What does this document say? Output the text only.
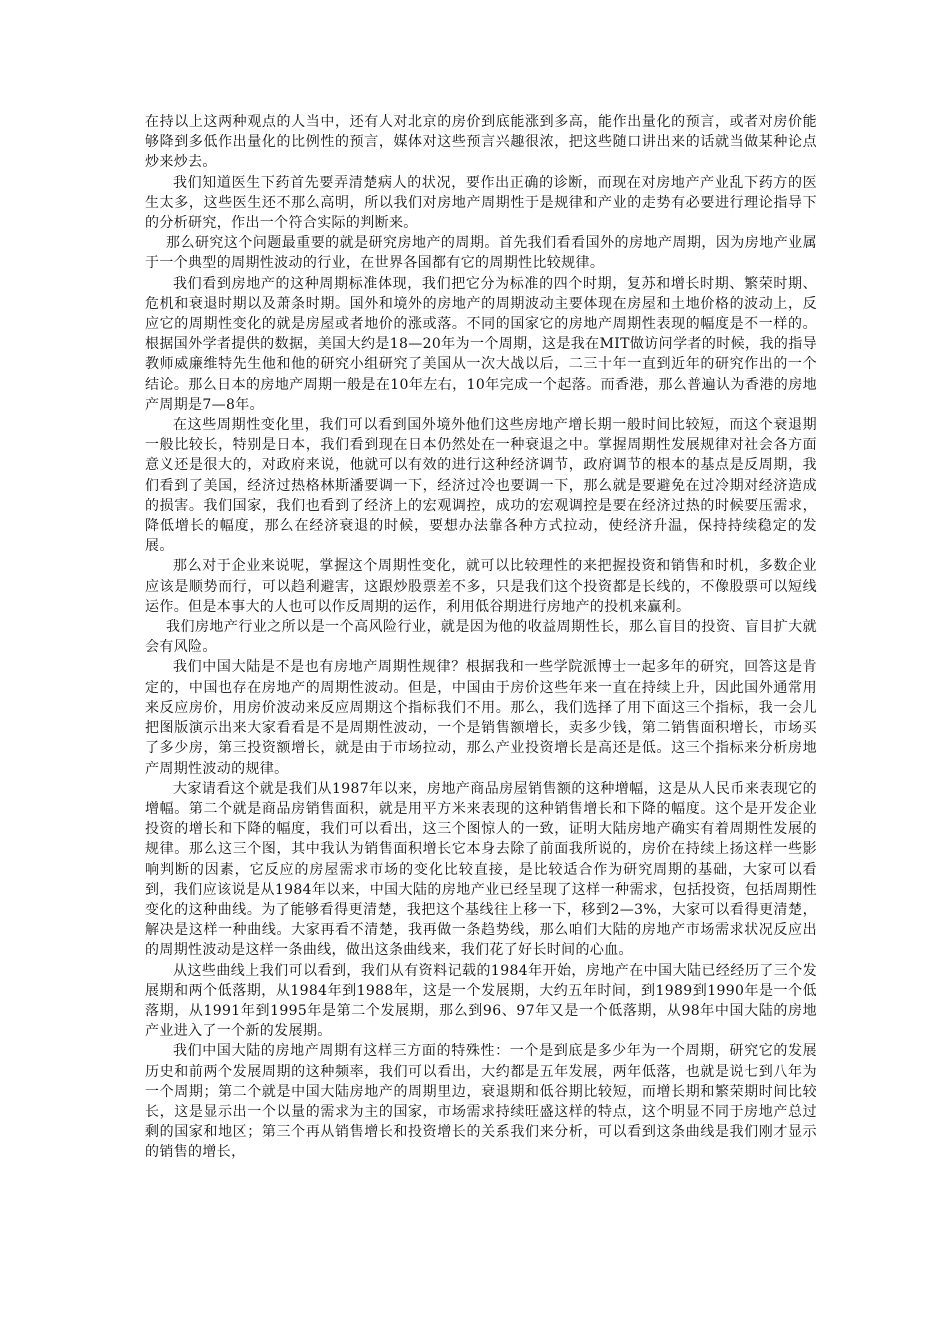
在持以上这两种观点的人当中，还有人对北京的房价到底能涨到多高，能作出量化的预言，或者对房价能够降到多低作出量化的比例性的预言，媒体对这些预言兴趣很浓，把这些随口讲出来的话就当做某种论点炒来炒去。

我们知道医生下药首先要弄清楚病人的状况，要作出正确的诊断，而现在对房地产产业乱下药方的医生太多，这些医生还不那么高明，所以我们对房地产周期性于是规律和产业的走势有必要进行理论指导下的分析研究，作出一个符合实际的判断来。

那么研究这个问题最重要的就是研究房地产的周期。首先我们看看国外的房地产周期，因为房地产业属于一个典型的周期性波动的行业，在世界各国都有它的周期性比较规律。

我们看到房地产的这种周期标准体现，我们把它分为标准的四个时期，复苏和增长时期、繁荣时期、危机和衰退时期以及萧条时期。国外和境外的房地产的周期波动主要体现在房屋和土地价格的波动上，反应它的周期性变化的就是房屋或者地价的涨或落。不同的国家它的房地产周期性表现的幅度是不一样的。根据国外学者提供的数据，美国大约是18—20年为一个周期，这是我在MIT做访问学者的时候，我的指导教师威廉维特先生他和他的研究小组研究了美国从一次大战以后，二三十年一直到近年的研究作出的一个结论。那么日本的房地产周期一般是在10年左右，10年完成一个起落。而香港，那么普遍认为香港的房地产周期是7—8年。

在这些周期性变化里，我们可以看到国外境外他们这些房地产增长期一般时间比较短，而这个衰退期一般比较长，特别是日本，我们看到现在日本仍然处在一种衰退之中。掌握周期性发展规律对社会各方面意义还是很大的，对政府来说，他就可以有效的进行这种经济调节，政府调节的根本的基点是反周期，我们看到了美国，经济过热格林斯潘要调一下，经济过冷也要调一下，那么就是要避免在过冷期对经济造成的损害。我们国家，我们也看到了经济上的宏观调控，成功的宏观调控是要在经济过热的时候要压需求，降低增长的幅度，那么在经济衰退的时候，要想办法靠各种方式拉动，使经济升温，保持持续稳定的发展。

那么对于企业来说呢，掌握这个周期性变化，就可以比较理性的来把握投资和销售和时机，多数企业应该是顺势而行，可以趋利避害，这跟炒股票差不多，只是我们这个投资都是长线的，不像股票可以短线运作。但是本事大的人也可以作反周期的运作，利用低谷期进行房地产的投机来赢利。

我们房地产行业之所以是一个高风险行业，就是因为他的收益周期性长，那么盲目的投资、盲目扩大就会有风险。

我们中国大陆是不是也有房地产周期性规律？根据我和一些学院派博士一起多年的研究，回答这是肯定的，中国也存在房地产的周期性波动。但是，中国由于房价这些年来一直在持续上升，因此国外通常用来反应房价，用房价波动来反应周期这个指标我们不用。那么，我们选择了用下面这三个指标，我一会儿把图版演示出来大家看看是不是周期性波动，一个是销售额增长，卖多少钱，第二销售面积增长，市场买了多少房，第三投资额增长，就是由于市场拉动，那么产业投资增长是高还是低。这三个指标来分析房地产周期性波动的规律。

大家请看这个就是我们从1987年以来，房地产商品房屋销售额的这种增幅，这是从人民币来表现它的增幅。第二个就是商品房销售面积，就是用平方米来表现的这种销售增长和下降的幅度。这个是开发企业投资的增长和下降的幅度，我们可以看出，这三个图惊人的一致，证明大陆房地产确实有着周期性发展的规律。那么这三个图，其中我认为销售面积增长它本身去除了前面我所说的，房价在持续上扬这样一些影响判断的因素，它反应的房屋需求市场的变化比较直接，是比较适合作为研究周期的基础，大家可以看到，我们应该说是从1984年以来，中国大陆的房地产业已经呈现了这样一种需求，包括投资，包括周期性变化的这种曲线。为了能够看得更清楚，我把这个基线往上移一下，移到2—3%，大家可以看得更清楚，解决是这样一种曲线。大家再看不清楚，我再做一条趋势线，那么咱们大陆的房地产市场需求状况反应出的周期性波动是这样一条曲线，做出这条曲线来，我们花了好长时间的心血。

从这些曲线上我们可以看到，我们从有资料记载的1984年开始，房地产在中国大陆已经经历了三个发展期和两个低落期，从1984年到1988年，这是一个发展期，大约五年时间，到1989到1990年是一个低落期，从1991年到1995年是第二个发展期，那么到96、97年又是一个低落期，从98年中国大陆的房地产业进入了一个新的发展期。

我们中国大陆的房地产周期有这样三方面的特殊性：一个是到底是多少年为一个周期，研究它的发展历史和前两个发展周期的这种频率，我们可以看出，大约都是五年发展，两年低落，也就是说七到八年为一个周期；第二个就是中国大陆房地产的周期里边，衰退期和低谷期比较短，而增长期和繁荣期时间比较长，这是显示出一个以量的需求为主的国家，市场需求持续旺盛这样的特点，这个明显不同于房地产总过剩的国家和地区；第三个再从销售增长和投资增长的关系我们来分析，可以看到这条曲线是我们刚才显示的销售的增长，
